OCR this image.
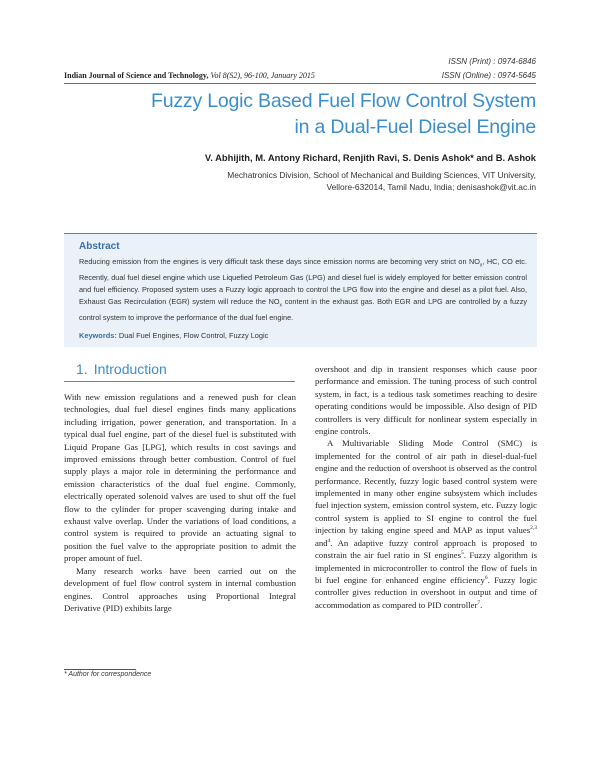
ISSN (Print) : 0974-6846
ISSN (Online) : 0974-5645
Indian Journal of Science and Technology, Vol 8(S2), 96-100, January 2015
Fuzzy Logic Based Fuel Flow Control System
in a Dual-Fuel Diesel Engine
V. Abhijith, M. Antony Richard, Renjith Ravi, S. Denis Ashok* and B. Ashok
Mechatronics Division, School of Mechanical and Building Sciences, VIT University,
Vellore-632014, Tamil Nadu, India; denisashok@vit.ac.in
Abstract
Reducing emission from the engines is very difficult task these days since emission norms are becoming very strict on $NO_x$, HC, CO etc. Recently, dual fuel diesel engine which use Liquefied Petroleum Gas (LPG) and diesel fuel is widely employed for better emission control and fuel efficiency. Proposed system uses a Fuzzy logic approach to control the LPG flow into the engine and diesel as a pilot fuel. Also, Exhaust Gas Recirculation (EGR) system will reduce the $NO_x$ content in the exhaust gas. Both EGR and LPG are controlled by a fuzzy control system to improve the performance of the dual fuel engine.
Keywords: Dual Fuel Engines, Flow Control, Fuzzy Logic
1. Introduction

With new emission regulations and a renewed push for clean technologies, dual fuel diesel engines finds many applications including irrigation, power generation, and transportation. In a typical dual fuel engine, part of the diesel fuel is substituted with Liquid Propane Gas [LPG], which results in cost savings and improved emissions through better combustion. Control of fuel supply plays a major role in determining the performance and emission characteristics of the dual fuel engine. Commonly, electrically operated solenoid valves are used to shut off the fuel flow to the cylinder for proper scavenging during intake and exhaust valve overlap. Under the variations of load conditions, a control system is required to provide an actuating signal to position the fuel valve to the appropriate position to admit the proper amount of fuel.

Many research works have been carried out on the development of fuel flow control system in internal combustion engines. Control approaches using Proportional Integral Derivative (PID) exhibits large

overshoot and dip in transient responses which cause poor performance and emission. The tuning process of such control system, in fact, is a tedious task sometimes reaching to desire operating conditions would be impossible. Also design of PID controllers is very difficult for nonlinear system especially in engine controls.

A Multivariable Sliding Mode Control (SMC) is implemented for the control of air path in diesel-dual-fuel engine and the reduction of overshoot is observed as the control performance. Recently, fuzzy logic based control system were implemented in many other engine subsystem which includes fuel injection system, emission control system, etc. Fuzzy logic control system is applied to SI engine to control the fuel injection by taking engine speed and MAP as input values$^{2,3}$ and$^4$. An adaptive fuzzy control approach is proposed to constrain the air fuel ratio in SI engines$^5$. Fuzzy algorithm is implemented in microcontroller to control the flow of fuels in bi fuel engine for enhanced engine efficiency$^6$. Fuzzy logic controller gives reduction in overshoot in output and time of accommodation as compared to PID controller$^7$.

* Author for correspondence
